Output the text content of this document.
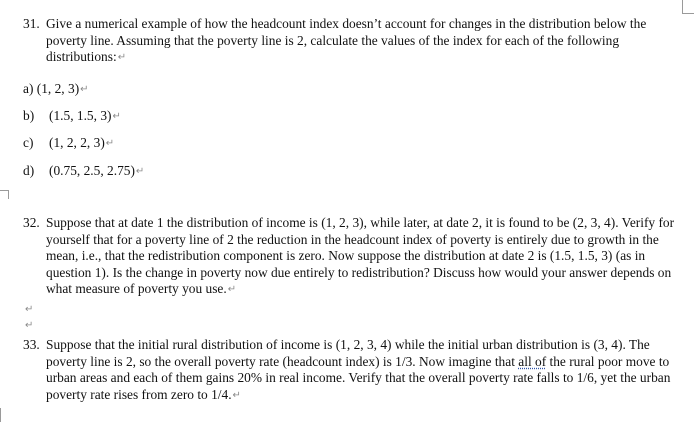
31. Give a numerical example of how the headcount index doesn’t account for changes in the distribution below the poverty line. Assuming that the poverty line is 2, calculate the values of the index for each of the following distributions:↵
a) (1, 2, 3)↵
b) (1.5, 1.5, 3)↵
c) (1, 2, 2, 3)↵
d) (0.75, 2.5, 2.75)↵
32. Suppose that at date 1 the distribution of income is (1, 2, 3), while later, at date 2, it is found to be (2, 3, 4). Verify for yourself that for a poverty line of 2 the reduction in the headcount index of poverty is entirely due to growth in the mean, i.e., that the redistribution component is zero. Now suppose the distribution at date 2 is (1.5, 1.5, 3) (as in question 1). Is the change in poverty now due entirely to redistribution? Discuss how would your answer depends on what measure of poverty you use.↵
↵
↵
33. Suppose that the initial rural distribution of income is (1, 2, 3, 4) while the initial urban distribution is (3, 4). The poverty line is 2, so the overall poverty rate (headcount index) is 1/3. Now imagine that all of the rural poor move to urban areas and each of them gains 20% in real income. Verify that the overall poverty rate falls to 1/6, yet the urban poverty rate rises from zero to 1/4.↵
